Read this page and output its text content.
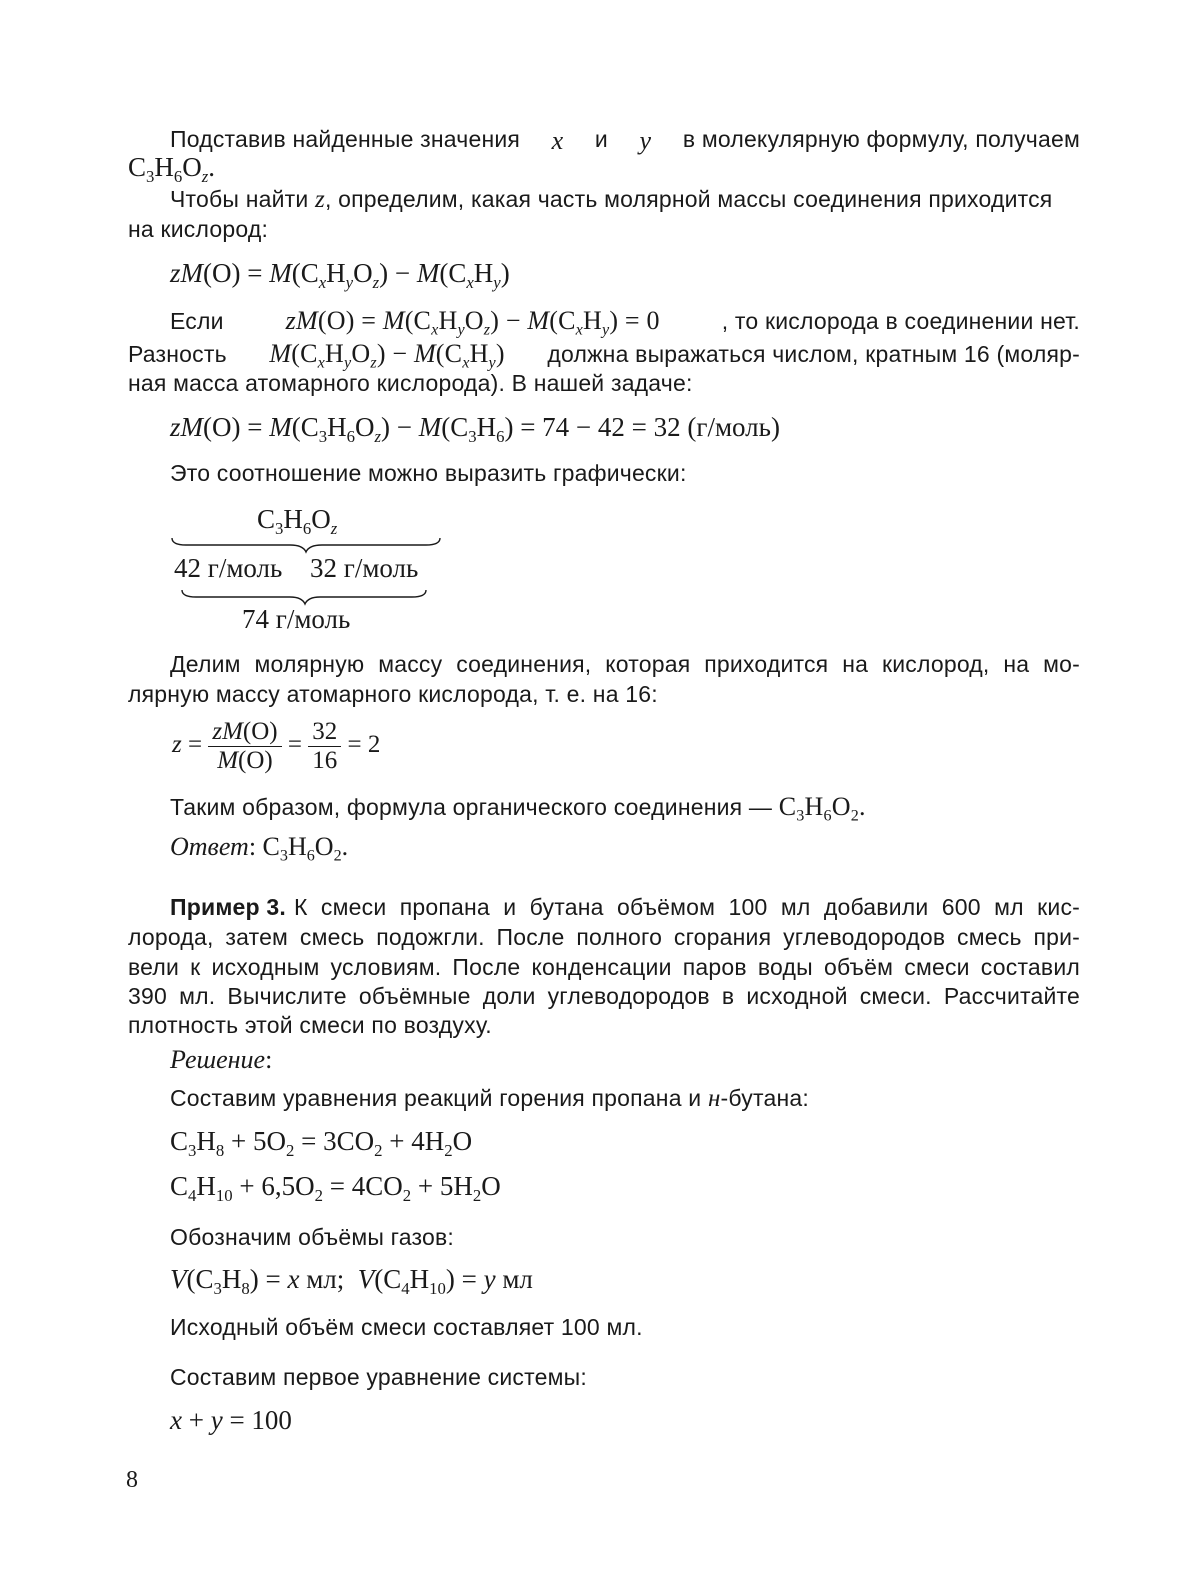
Подставив найденные значения x и y в молекулярную формулу, получаем
$C_3H_6O_z$.
Чтобы найти z, определим, какая часть молярной массы соединения приходится
на кислород:
$zM(O) = M(C_xH_yO_z) - M(C_xH_y)$
Если $zM(O) = M(C_xH_yO_z) - M(C_xH_y) = 0$	, то кислорода в соединении нет.
Разность $M(C_xH_yO_z) - M(C_xH_y)$ должна выражаться числом, кратным 16 (моляр-
ная масса атомарного кислорода). В нашей задаче:
$zM(O) = M(C_3H_6O_z) - M(C_3H_6) = 74 - 42 = 32$ (г/моль)
Это соотношение можно выразить графически:
$C_3H_6O_z$
42 г/моль 32 г/моль
74 г/моль
Делим молярную массу соединения, которая приходится на кислород, на мо-
лярную массу атомарного кислорода, т. е. на 16:
$z = \frac{zM(O)}{M(O)} = \frac{32}{16} = 2$
Таким образом, формула органического соединения — $C_3H_6O_2$.
Ответ: $C_3H_6O_2$.
Пример 3. К смеси пропана и бутана объёмом 100 мл добавили 600 мл кис-
лорода, затем смесь подожгли. После полного сгорания углеводородов смесь при-
вели к исходным условиям. После конденсации паров воды объём смеси составил
390 мл. Вычислите объёмные доли углеводородов в исходной смеси. Рассчитайте
плотность этой смеси по воздуху.
Решение:
Составим уравнения реакций горения пропана и н-бутана:
$C_3H_8 + 5O_2 = 3CO_2 + 4H_2O$
$C_4H_{10} + 6,5O_2 = 4CO_2 + 5H_2O$
Обозначим объёмы газов:
$V(C_3H_8) = x$ мл;  $V(C_4H_{10}) = y$ мл
Исходный объём смеси составляет 100 мл.
Составим первое уравнение системы:
x + y = 100
8
